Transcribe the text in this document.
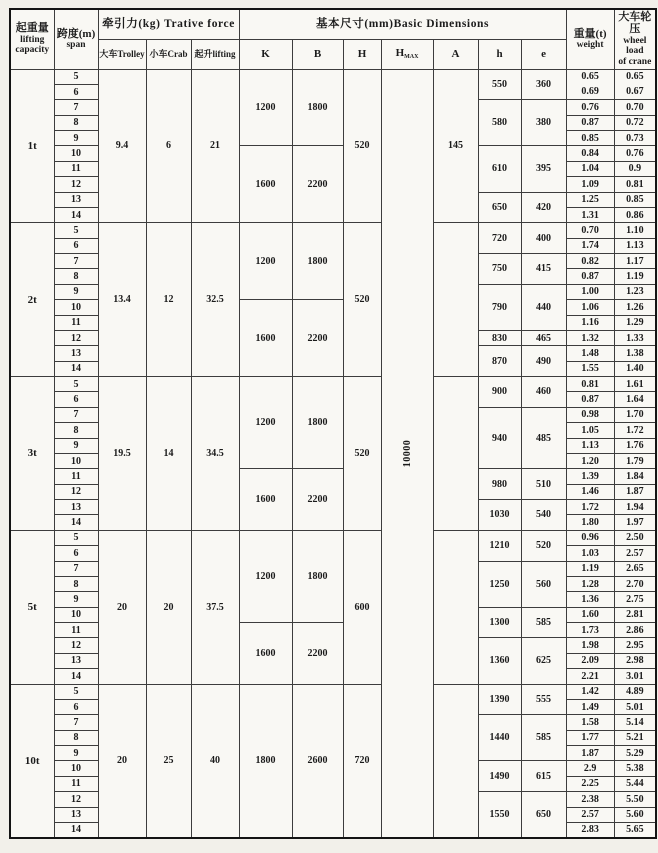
起重量
lifting
capacity

跨度(m)
span
	牵引力(kg) Trative force	基本尺寸(mm)Basic Dimensions	
重量(t)
weight

大车轮压
wheel load
of crane

		大车Trolley	小车Crab	起升lifting	K	B	H	$H_{MAX}$	A	h	e		
1t	5	9.4	6	21	1200	1800	520	10000	145	550	360	0.65	0.65
	6											0.69	0.67
	7									580	380	0.76	0.70
	8											0.87	0.72
	9											0.85	0.73
	10				1600	2200				610	395	0.84	0.76
	11											1.04	0.9
	12											1.09	0.81
	13									650	420	1.25	0.85
	14											1.31	0.86
2t	5	13.4	12	32.5	1200	1800	520			720	400	0.70	1.10
	6											1.74	1.13
	7									750	415	0.82	1.17
	8											0.87	1.19
	9									790	440	1.00	1.23
	10				1600	2200						1.06	1.26
	11											1.16	1.29
	12									830	465	1.32	1.33
	13									870	490	1.48	1.38
	14											1.55	1.40
3t	5	19.5	14	34.5	1200	1800	520			900	460	0.81	1.61
	6											0.87	1.64
	7									940	485	0.98	1.70
	8											1.05	1.72
	9											1.13	1.76
	10											1.20	1.79
	11				1600	2200				980	510	1.39	1.84
	12											1.46	1.87
	13									1030	540	1.72	1.94
	14											1.80	1.97
5t	5	20	20	37.5	1200	1800	600			1210	520	0.96	2.50
	6											1.03	2.57
	7									1250	560	1.19	2.65
	8											1.28	2.70
	9											1.36	2.75
	10									1300	585	1.60	2.81
	11				1600	2200						1.73	2.86
	12									1360	625	1.98	2.95
	13											2.09	2.98
	14											2.21	3.01
10t	5	20	25	40	1800	2600	720			1390	555	1.42	4.89
	6											1.49	5.01
	7									1440	585	1.58	5.14
	8											1.77	5.21
	9											1.87	5.29
	10									1490	615	2.9	5.38
	11											2.25	5.44
	12									1550	650	2.38	5.50
	13											2.57	5.60
	14											2.83	5.65
